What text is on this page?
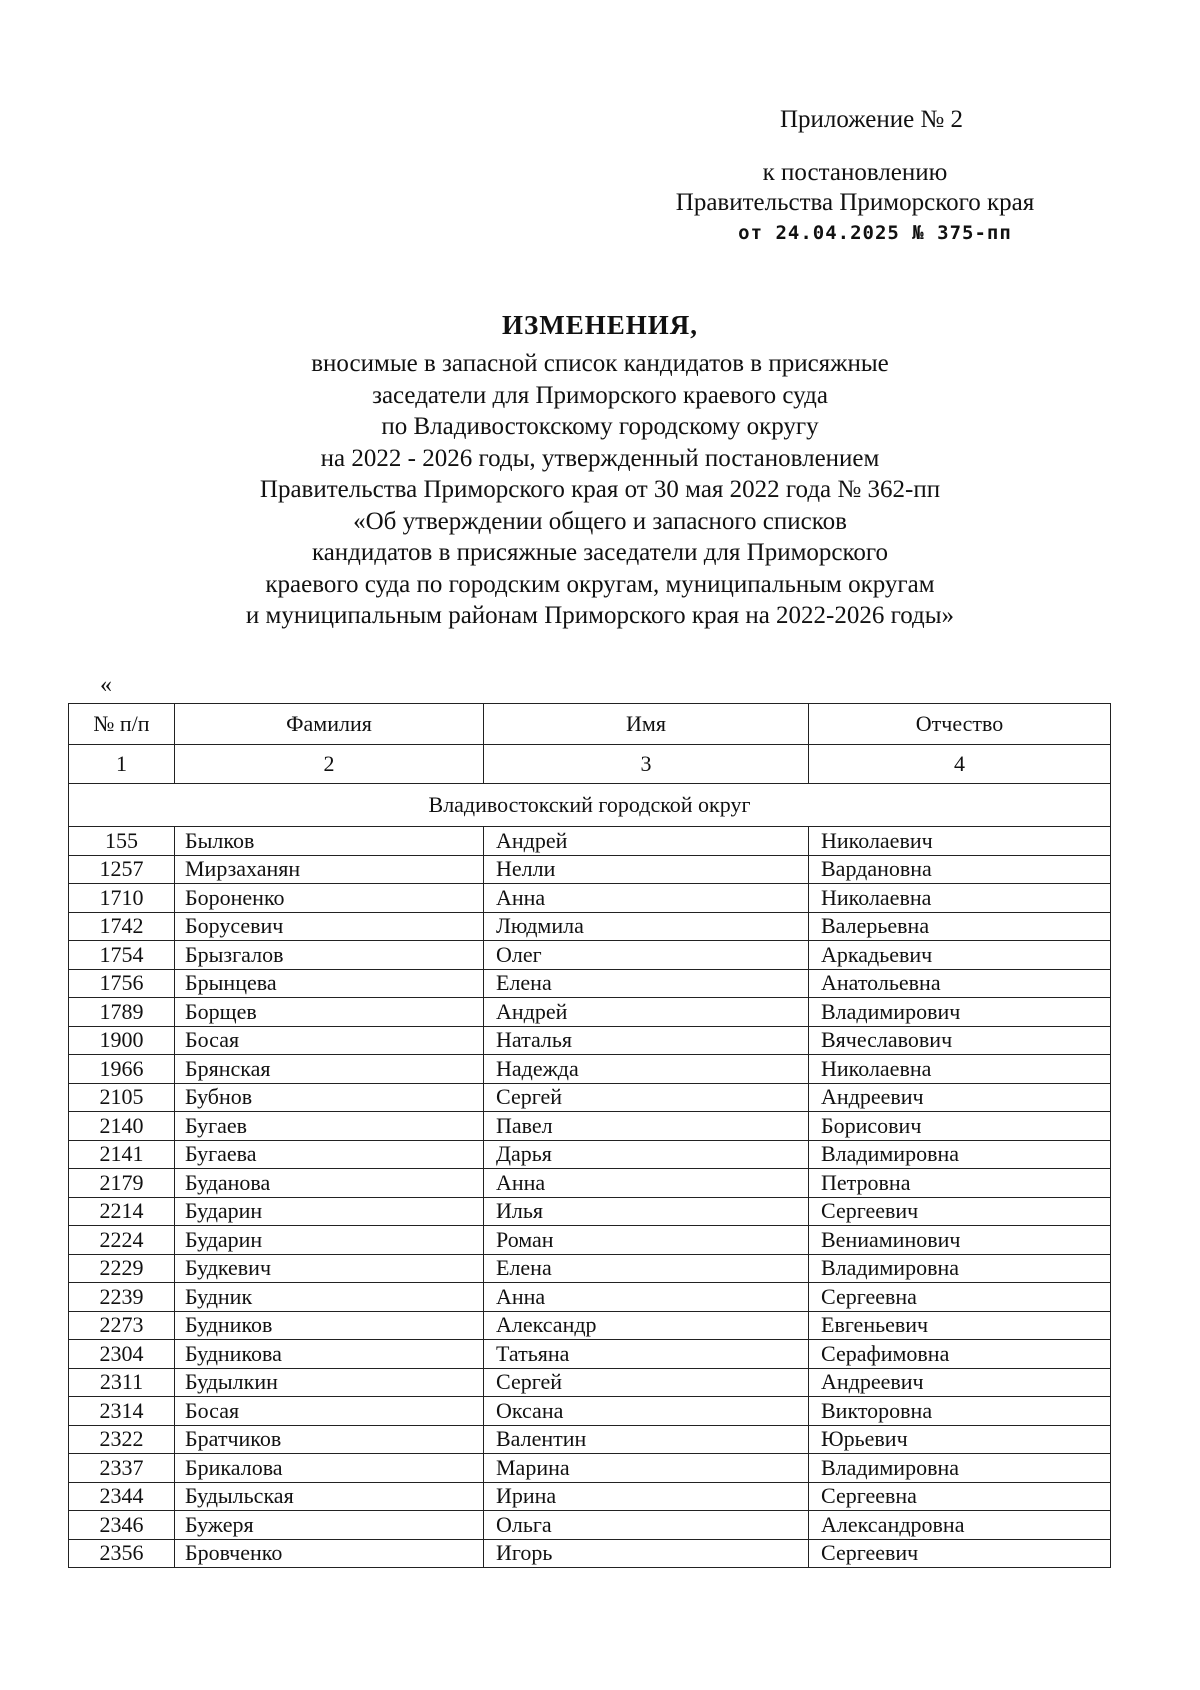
Приложение № 2
к постановлению
Правительства Приморского края
от 24.04.2025 № 375-пп
ИЗМЕНЕНИЯ,
вносимые в запасной список кандидатов в присяжные
заседатели для Приморского краевого суда
по Владивостокскому городскому округу
на 2022 - 2026 годы, утвержденный постановлением
Правительства Приморского края от 30 мая 2022 года № 362-пп
«Об утверждении общего и запасного списков
кандидатов в присяжные заседатели для Приморского
краевого суда по городским округам, муниципальным округам
и муниципальным районам Приморского края на 2022-2026 годы»
«
№ п/п	Фамилия	Имя	Отчество
1	2	3	4
Владивостокский городской округ			
155	Былков	Андрей	Николаевич
1257	Мирзаханян	Нелли	Вардановна
1710	Бороненко	Анна	Николаевна
1742	Борусевич	Людмила	Валерьевна
1754	Брызгалов	Олег	Аркадьевич
1756	Брынцева	Елена	Анатольевна
1789	Борщев	Андрей	Владимирович
1900	Босая	Наталья	Вячеславович
1966	Брянская	Надежда	Николаевна
2105	Бубнов	Сергей	Андреевич
2140	Бугаев	Павел	Борисович
2141	Бугаева	Дарья	Владимировна
2179	Буданова	Анна	Петровна
2214	Бударин	Илья	Сергеевич
2224	Бударин	Роман	Вениаминович
2229	Будкевич	Елена	Владимировна
2239	Будник	Анна	Сергеевна
2273	Будников	Александр	Евгеньевич
2304	Будникова	Татьяна	Серафимовна
2311	Будылкин	Сергей	Андреевич
2314	Босая	Оксана	Викторовна
2322	Братчиков	Валентин	Юрьевич
2337	Брикалова	Марина	Владимировна
2344	Будыльская	Ирина	Сергеевна
2346	Бужеря	Ольга	Александровна
2356	Бровченко	Игорь	Сергеевич
